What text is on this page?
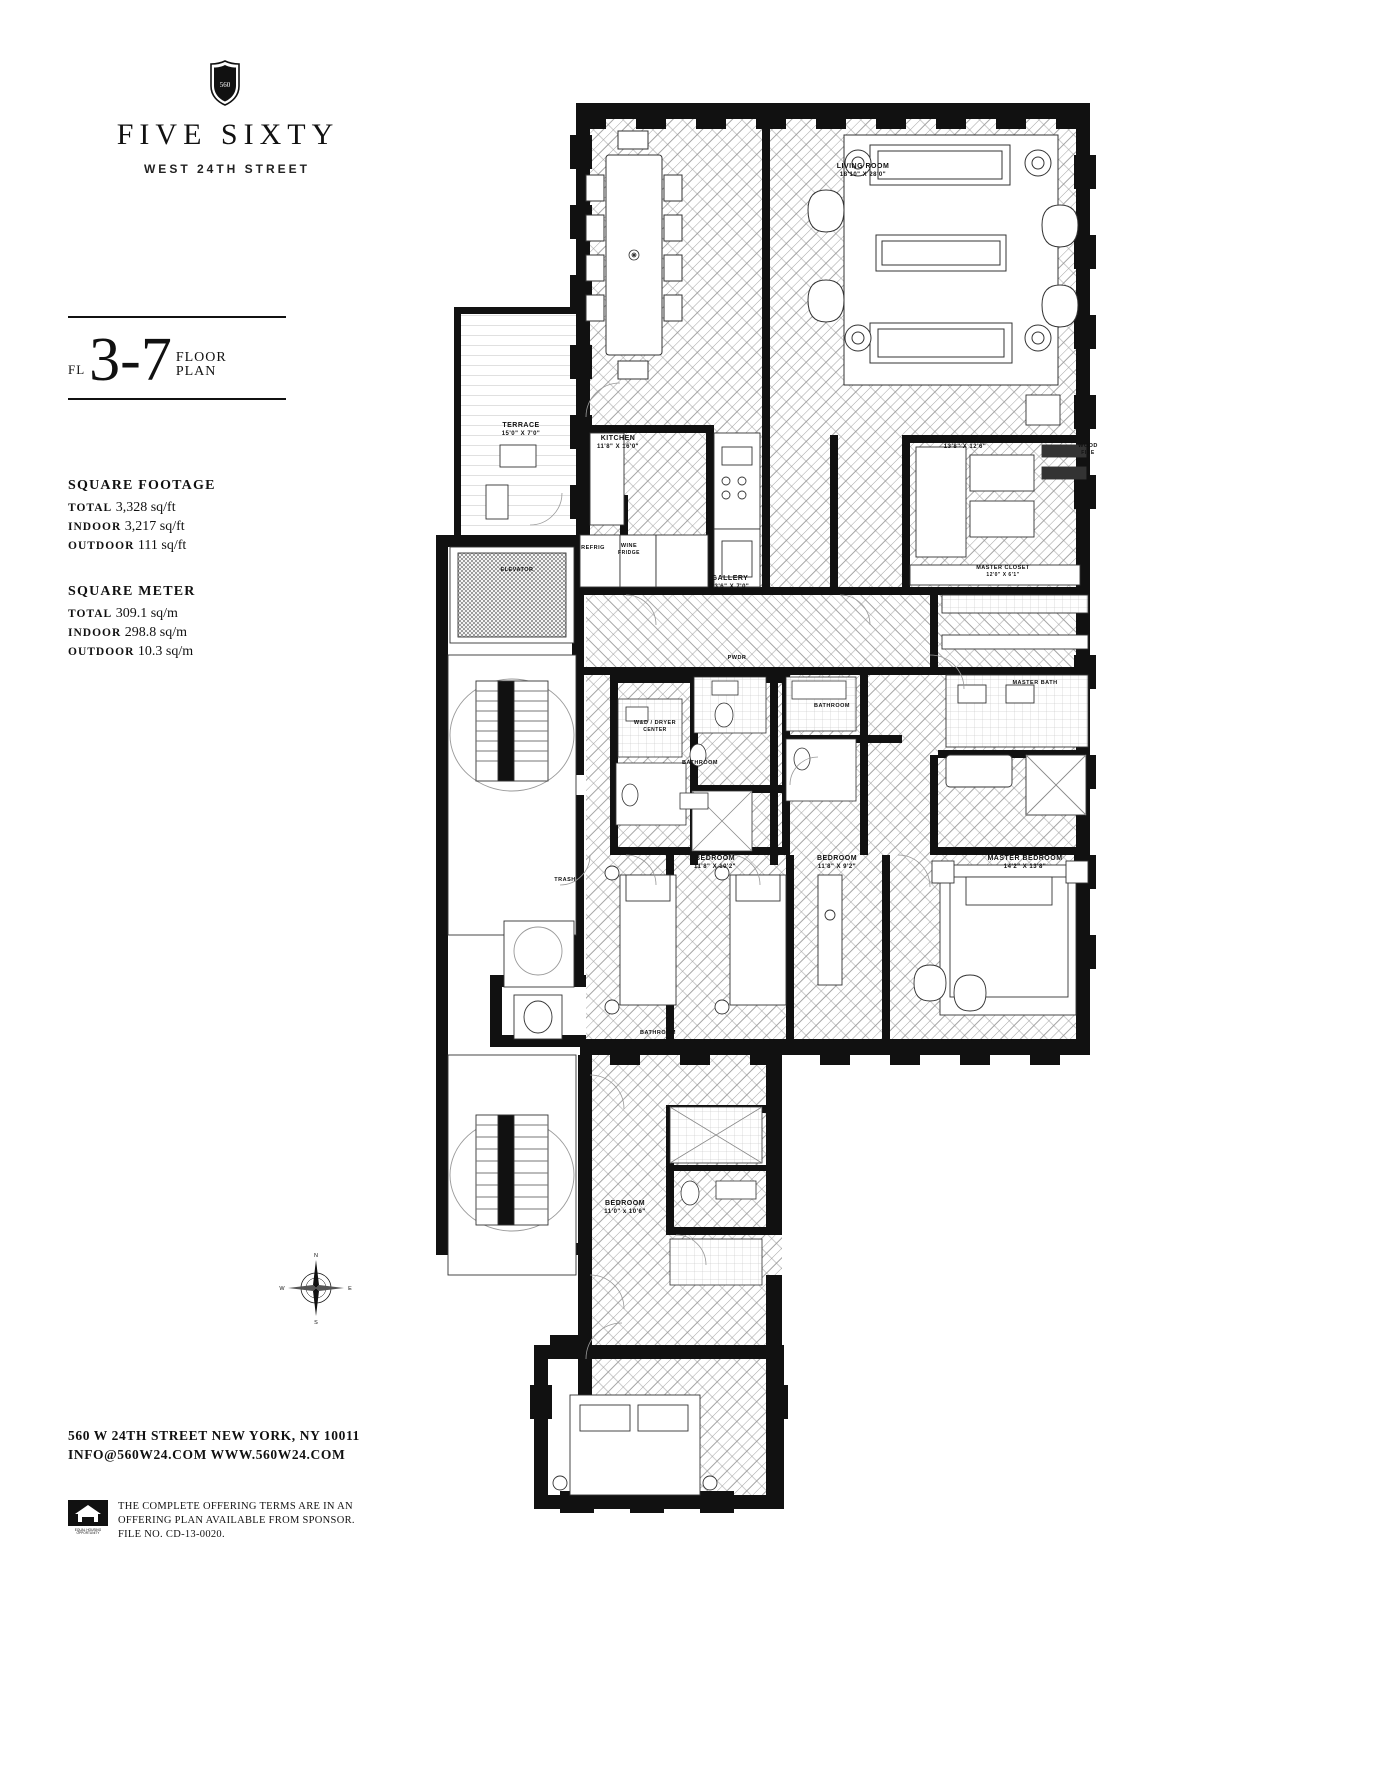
560
FIVE SIXTY
WEST 24TH STREET
FL 3-7 FLOOR
PLAN
SQUARE FOOTAGE
TOTAL 3,328 sq/ft
INDOOR 3,217 sq/ft
OUTDOOR 111 sq/ft
SQUARE METER
TOTAL 309.1 sq/m
INDOOR 298.8 sq/m
OUTDOOR 10.3 sq/m
N
E
S
W
560 W 24TH STREET NEW YORK, NY 10011
INFO@560W24.COM WWW.560W24.COM
EQUAL HOUSING
OPPORTUNITY
THE COMPLETE OFFERING TERMS ARE IN AN
OFFERING PLAN AVAILABLE FROM SPONSOR.
FILE NO. CD-13-0020.
LIVING ROOM
18'10" X 28'0"
TERRACE
15'0" X 7'0"
KITCHEN
11'8" X 16'0"
STUDY
13'8" X 12'6"	WOOD
FIRE
GALLERY
23'6" X 7'0"
MASTER CLOSET
12'0" X 6'1"
ELEVATOR
PWDR
MASTER BATH
BATHROOM
W&D / DRYER
CENTER
BATHROOM
BEDROOM
11'8" X 10'2"
BEDROOM
11'8" X 9'2"
MASTER BEDROOM
14'2" X 13'8"
TRASH
BATHROOM
BEDROOM
11'0" x 10'6"
REFRIG	WINE
FRIDGE
